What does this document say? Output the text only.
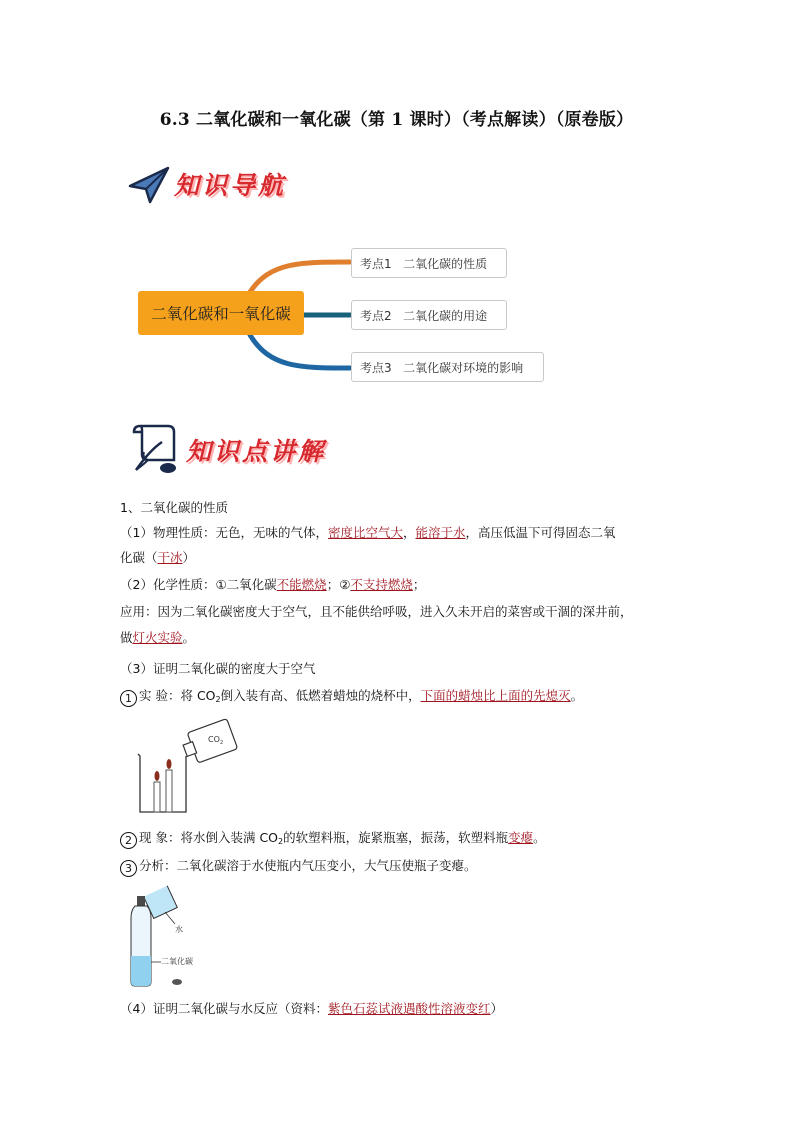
6.3 二氧化碳和一氧化碳（第 1 课时）（考点解读）（原卷版）
知识导航
二氧化碳和一氧化碳
考点1   二氧化碳的性质
考点2   二氧化碳的用途
考点3   二氧化碳对环境的影响
知识点讲解
1、二氧化碳的性质
（1）物理性质：无色，无味的气体，密度比空气大，能溶于水，高压低温下可得固态二氧
化碳（干冰）
（2）化学性质：①二氧化碳不能燃烧；②不支持燃烧；
应用：因为二氧化碳密度大于空气，且不能供给呼吸，进入久未开启的菜窖或干涸的深井前，
做灯火实验。
（3）证明二氧化碳的密度大于空气
1 实 验：将 $CO_2$倒入装有高、低燃着蜡烛的烧杯中，下面的蜡烛比上面的先熄灭。
CO 2
2 现 象：将水倒入装满 $CO_2$的软塑料瓶，旋紧瓶塞，振荡，软塑料瓶变瘪。
3 分析：二氧化碳溶于水使瓶内气压变小，大气压使瓶子变瘪。
水
二氧化碳
（4）证明二氧化碳与水反应（资料：紫色石蕊试液遇酸性溶液变红）
